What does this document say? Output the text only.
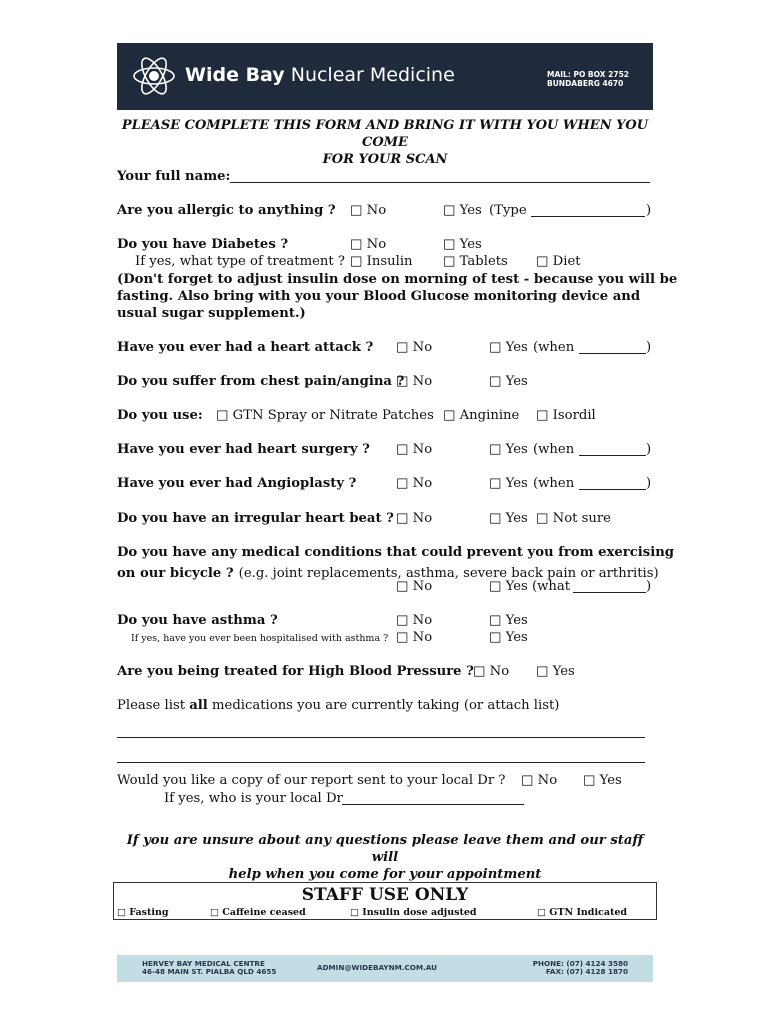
Wide Bay Nuclear Medicine	MAIL: PO BOX 2752
BUNDABERG 4670
PLEASE COMPLETE THIS FORM AND BRING IT WITH YOU WHEN YOU COME
FOR YOUR SCAN
Your full name:
Are you allergic to anything ? □ No	□ Yes (Type	)
Do you have Diabetes ?	□ No	□ Yes
If yes, what type of treatment ? □ Insulin □ Tablets □ Diet
(Don't forget to adjust insulin dose on morning of test - because you will be
fasting. Also bring with you your Blood Glucose monitoring device and
usual sugar supplement.)
Have you ever had a heart attack ? □ No	□ Yes (when	)
Do you suffer from chest pain/angina ?
□ No	□ Yes
Do you use: □ GTN Spray or Nitrate Patches □ Anginine □ Isordil
Have you ever had heart surgery ? □ No	□ Yes (when	)
Have you ever had Angioplasty ?	□ No	□ Yes (when	)
Do you have an irregular heart beat ? □ No	□ Yes □ Not sure
Do you have any medical conditions that could prevent you from exercising
on our bicycle ? (e.g. joint replacements, asthma, severe back pain or arthritis)
□ No	□ Yes (what	)
Do you have asthma ?	□ No	□ Yes
If yes, have you ever been hospitalised with asthma ? □ No	□ Yes
Are you being treated for High Blood Pressure ? □ No □ Yes
Please list all medications you are currently taking (or attach list)
Would you like a copy of our report sent to your local Dr ? □ No □ Yes
If yes, who is your local Dr
If you are unsure about any questions please leave them and our staff will
help when you come for your appointment
STAFF USE ONLY
□ Fasting	□ Caffeine ceased	□ Insulin dose adjusted	□ GTN Indicated
HERVEY BAY MEDICAL CENTRE
46-48 MAIN ST. PIALBA QLD 4655	ADMIN@WIDEBAYNM.COM.AU	PHONE: (07) 4124 3580
FAX: (07) 4128 1870
